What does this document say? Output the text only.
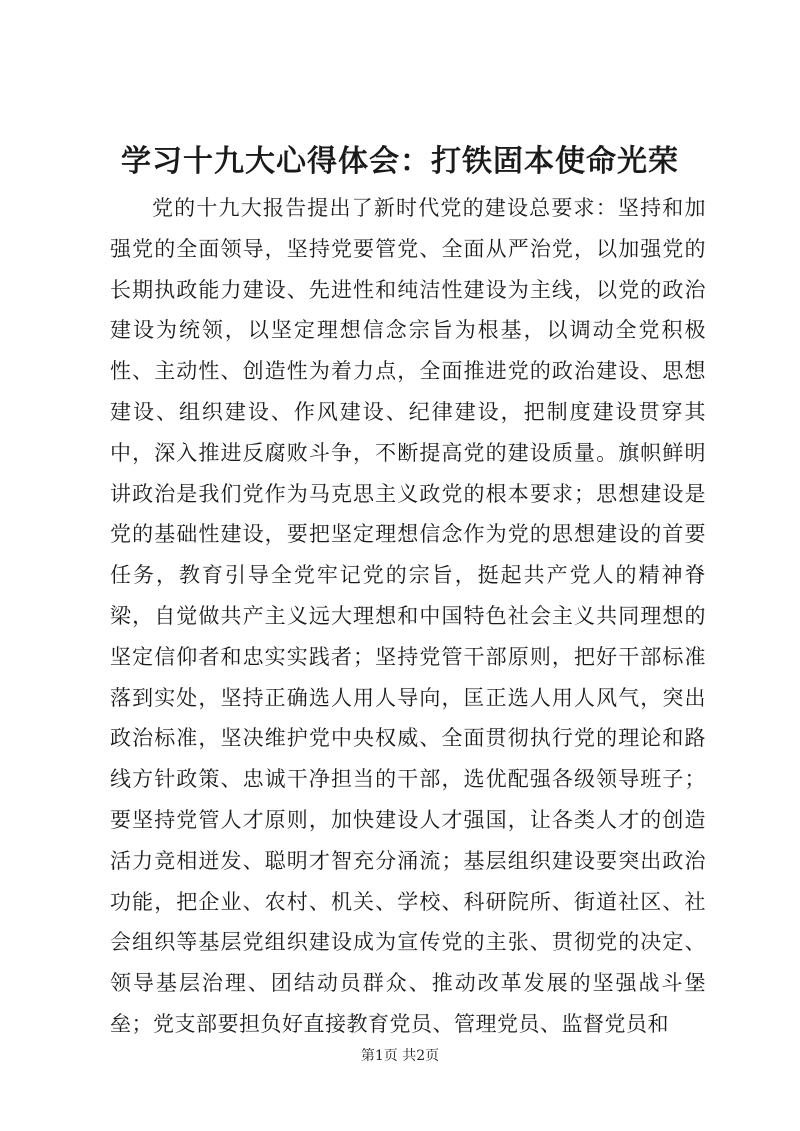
学习十九大心得体会：打铁固本使命光荣

党的十九大报告提出了新时代党的建设总要求：坚持和加强党的全面领导，坚持党要管党、全面从严治党，以加强党的长期执政能力建设、先进性和纯洁性建设为主线，以党的政治建设为统领，以坚定理想信念宗旨为根基，以调动全党积极性、主动性、创造性为着力点，全面推进党的政治建设、思想建设、组织建设、作风建设、纪律建设，把制度建设贯穿其中，深入推进反腐败斗争，不断提高党的建设质量。旗帜鲜明讲政治是我们党作为马克思主义政党的根本要求；思想建设是党的基础性建设，要把坚定理想信念作为党的思想建设的首要任务，教育引导全党牢记党的宗旨，挺起共产党人的精神脊梁，自觉做共产主义远大理想和中国特色社会主义共同理想的坚定信仰者和忠实实践者；坚持党管干部原则，把好干部标准落到实处，坚持正确选人用人导向，匡正选人用人风气，突出政治标准，坚决维护党中央权威、全面贯彻执行党的理论和路线方针政策、忠诚干净担当的干部，选优配强各级领导班子；要坚持党管人才原则，加快建设人才强国，让各类人才的创造活力竞相迸发、聪明才智充分涌流；基层组织建设要突出政治功能，把企业、农村、机关、学校、科研院所、街道社区、社会组织等基层党组织建设成为宣传党的主张、贯彻党的决定、领导基层治理、团结动员群众、推动改革发展的坚强战斗堡垒；党支部要担负好直接教育党员、管理党员、监督党员和

第1页 共2页
